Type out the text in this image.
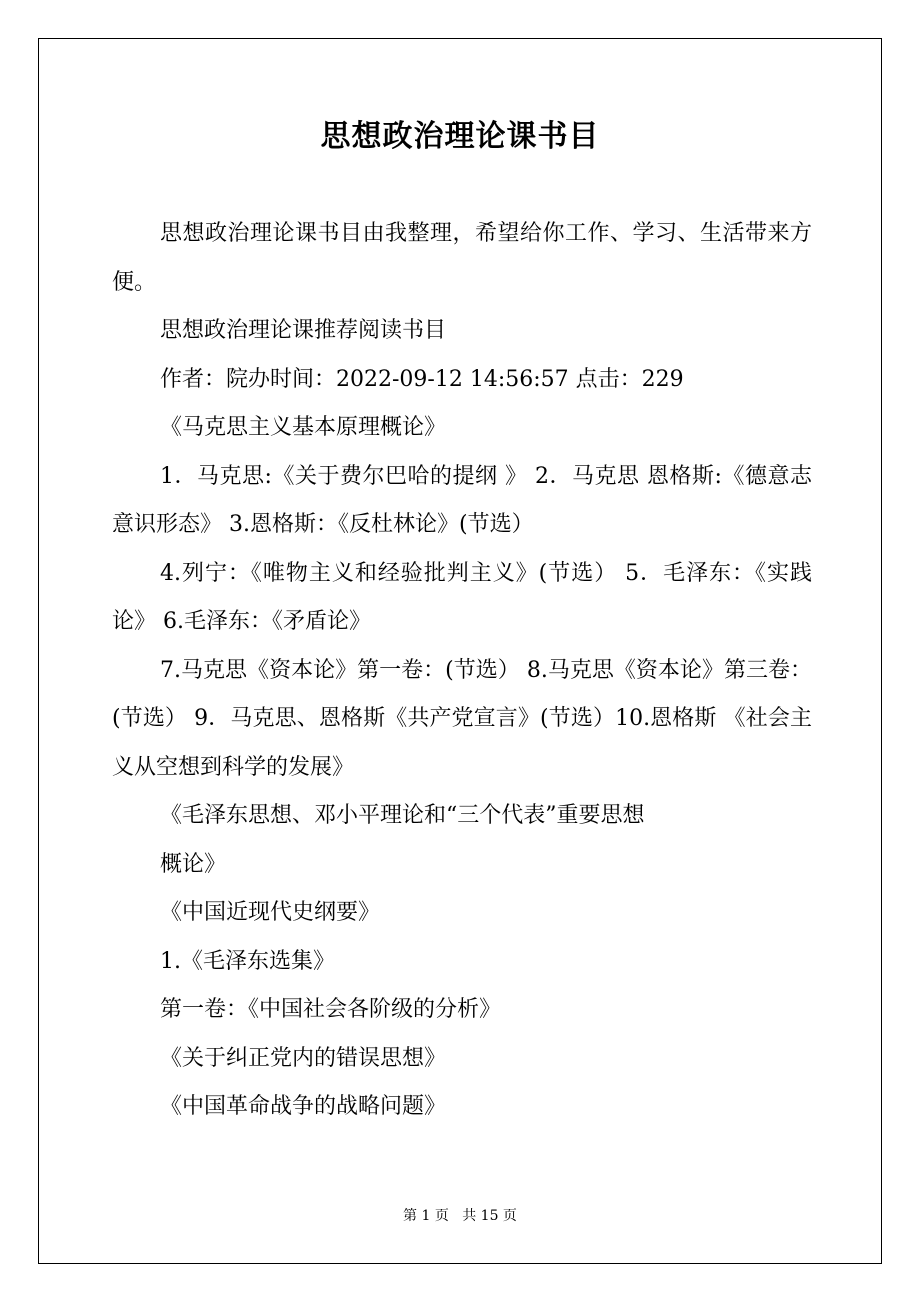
思想政治理论课书目

思想政治理论课书目由我整理，希望给你工作、学习、生活带来方便。

思想政治理论课推荐阅读书目

作者：院办时间：2022-09-12 14:56:57 点击：229

《马克思主义基本原理概论》

1．马克思:《关于费尔巴哈的提纲 》 2．马克思 恩格斯:《德意志意识形态》 3.恩格斯：《反杜林论》(节选）

4.列宁：《唯物主义和经验批判主义》(节选） 5．毛泽东：《实践论》 6.毛泽东：《矛盾论》

7.马克思《资本论》第一卷：(节选） 8.马克思《资本论》第三卷：(节选） 9．马克思、恩格斯《共产党宣言》(节选）10.恩格斯 《社会主义从空想到科学的发展》

《毛泽东思想、邓小平理论和“三个代表”重要思想

概论》

《中国近现代史纲要》

1.《毛泽东选集》

第一卷：《中国社会各阶级的分析》

《关于纠正党内的错误思想》

《中国革命战争的战略问题》

第 1 页 共 15 页
